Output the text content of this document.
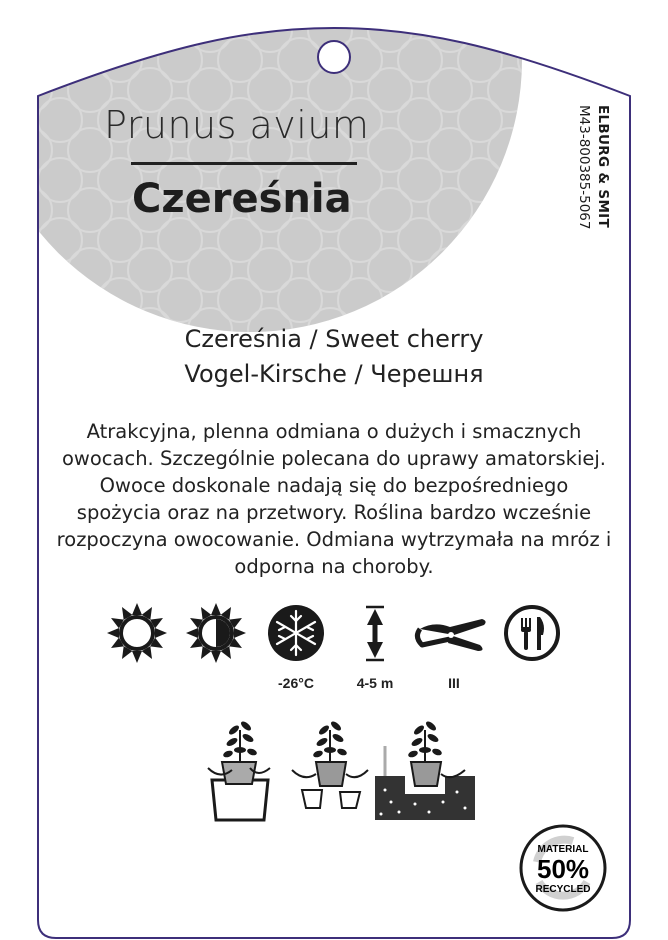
MATERIAL
50%
RECYCLED
Prunus avium
Czereśnia	ELBURG & SMIT
M43-800385-5067
Czereśnia / Sweet cherry
Vogel-Kirsche / Черешня
Atrakcyjna, plenna odmiana o dużych i smacznych
owocach. Szczególnie polecana do uprawy amatorskiej.
Owoce doskonale nadają się do bezpośredniego
spożycia oraz na przetwory. Roślina bardzo wcześnie
rozpoczyna owocowanie. Odmiana wytrzymała na mróz i
odporna na choroby.
-26°C	4-5 m	III
